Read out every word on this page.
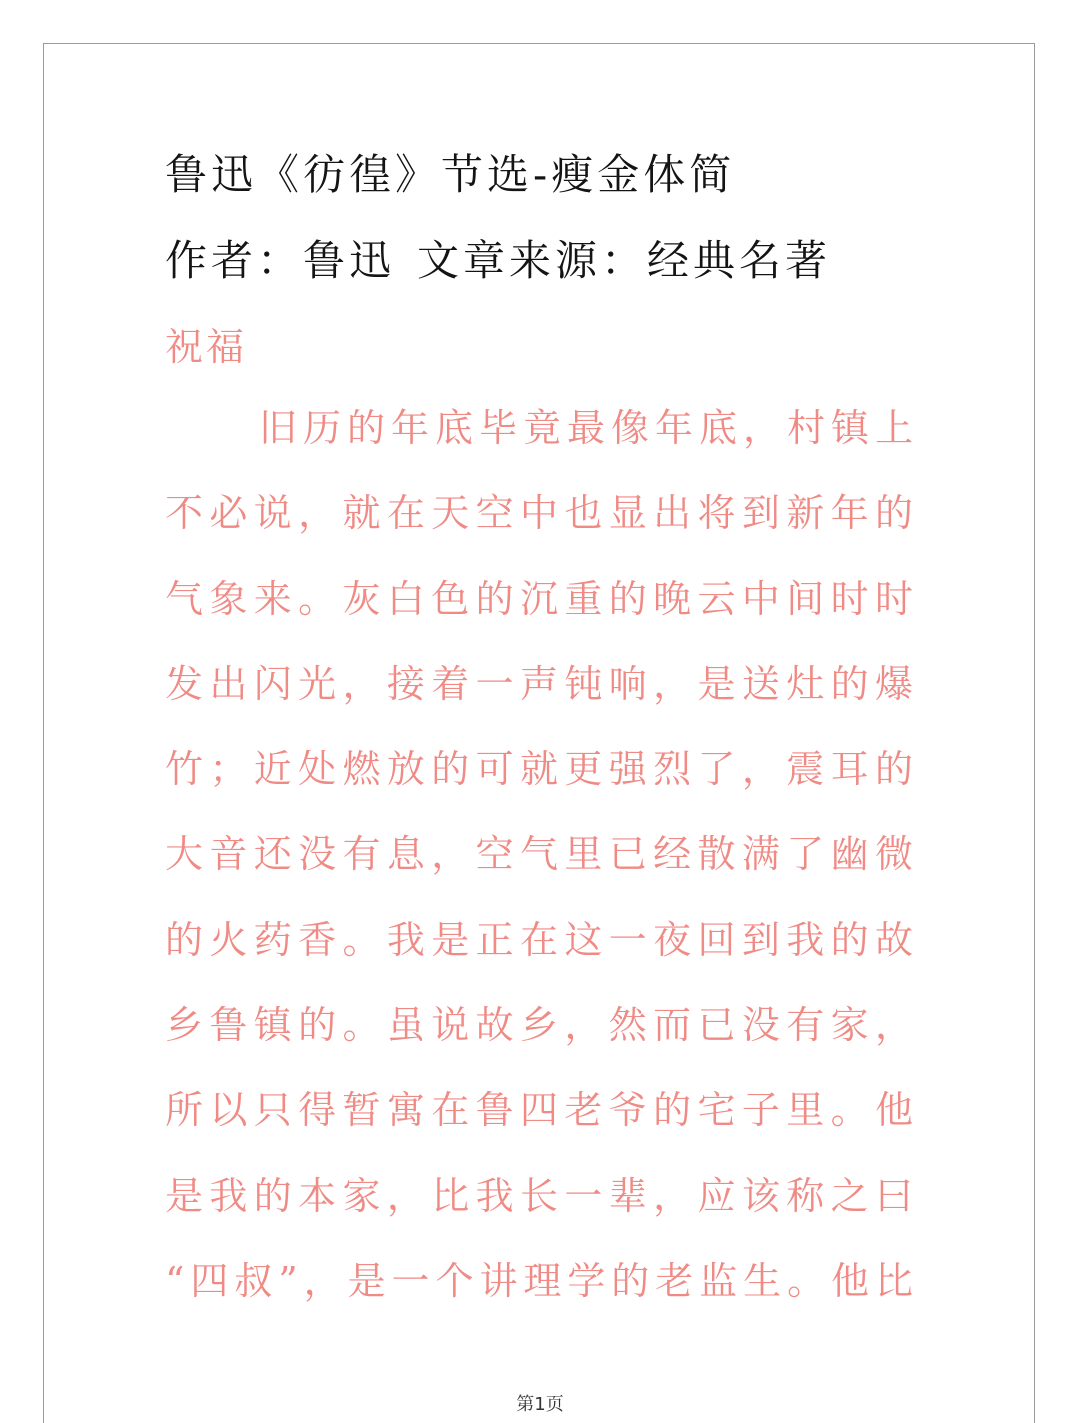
鲁迅《彷徨》节选-瘦金体简
作者：鲁迅 文章来源：经典名著
祝福
旧历的年底毕竟最像年底，村镇上
不必说，就在天空中也显出将到新年的
气象来。灰白色的沉重的晚云中间时时
发出闪光，接着一声钝响，是送灶的爆
竹；近处燃放的可就更强烈了，震耳的
大音还没有息，空气里已经散满了幽微
的火药香。我是正在这一夜回到我的故
乡鲁镇的。虽说故乡，然而已没有家，
所以只得暂寓在鲁四老爷的宅子里。他
是我的本家，比我长一辈，应该称之曰
“四叔”，是一个讲理学的老监生。他比
第1页
